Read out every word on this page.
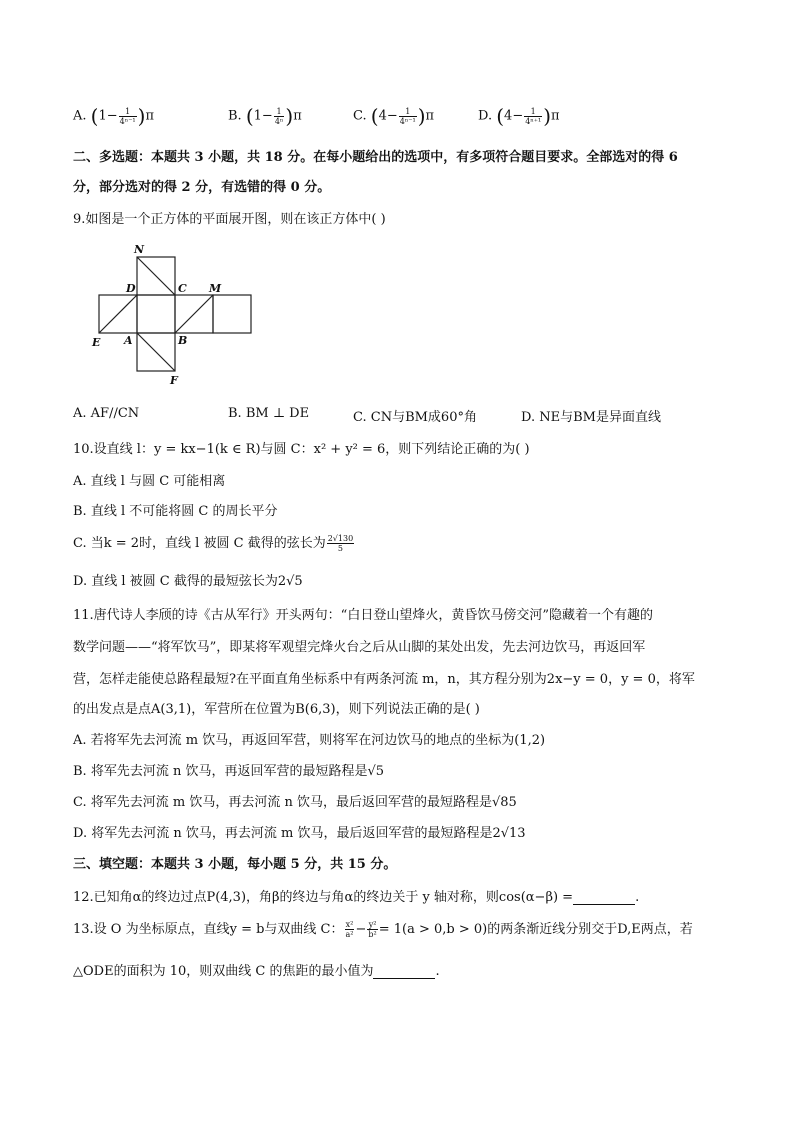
A. $(1- \frac{1}{\text{4ⁿ⁻¹}} )\pi$	B. $(1- \frac{1}{\text{4ⁿ}} )\pi$	C. $(4- \frac{1}{\text{4ⁿ⁻¹}} )\pi$	D. $(4- \frac{1}{\text{4ⁿ⁺¹}} )\pi$
二、多选题：本题共 3 小题，共 18 分。在每小题给出的选项中，有多项符合题目要求。全部选对的得 6
分，部分选对的得 2 分，有选错的得 0 分。
9.如图是一个正方体的平面展开图，则在该正方体中( )
N
D	C M
E A	B
F
A. AF//CN	B. BM ⊥ DE	C. CN与BM成60°角	D. NE与BM是异面直线
10.设直线 l：y = kx−1(k ∈ R)与圆 C：x² + y² = 6，则下列结论正确的为( )
A. 直线 l 与圆 C 可能相离
B. 直线 l 不可能将圆 C 的周长平分
C. 当k = 2时，直线 l 被圆 C 截得的弦长为 $\frac{2√130}{5}$
D. 直线 l 被圆 C 截得的最短弦长为2√5
11.唐代诗人李颀的诗《古从军行》开头两句：“白日登山望烽火，黄昏饮马傍交河”隐藏着一个有趣的
数学问题——“将军饮马”，即某将军观望完烽火台之后从山脚的某处出发，先去河边饮马，再返回军
营，怎样走能使总路程最短?在平面直角坐标系中有两条河流 m，n，其方程分别为2x−y = 0，y = 0，将军
的出发点是点A(3,1)，军营所在位置为B(6,3)，则下列说法正确的是( )
A. 若将军先去河流 m 饮马，再返回军营，则将军在河边饮马的地点的坐标为(1,2)
B. 将军先去河流 n 饮马，再返回军营的最短路程是√5
C. 将军先去河流 m 饮马，再去河流 n 饮马，最后返回军营的最短路程是√85
D. 将军先去河流 n 饮马，再去河流 m 饮马，最后返回军营的最短路程是2√13
三、填空题：本题共 3 小题，每小题 5 分，共 15 分。
12.已知角α的终边过点P(4,3)，角β的终边与角α的终边关于 y 轴对称，则cos(α−β) =	.
13.设 O 为坐标原点，直线y = b与双曲线 C： $\frac{\text{x²}}{\text{a²}} - \frac{\text{y²}}{\text{b²}} = 1(a > 0,b > 0)$的两条渐近线分别交于D,E两点，若
△ODE的面积为 10，则双曲线 C 的焦距的最小值为	.
